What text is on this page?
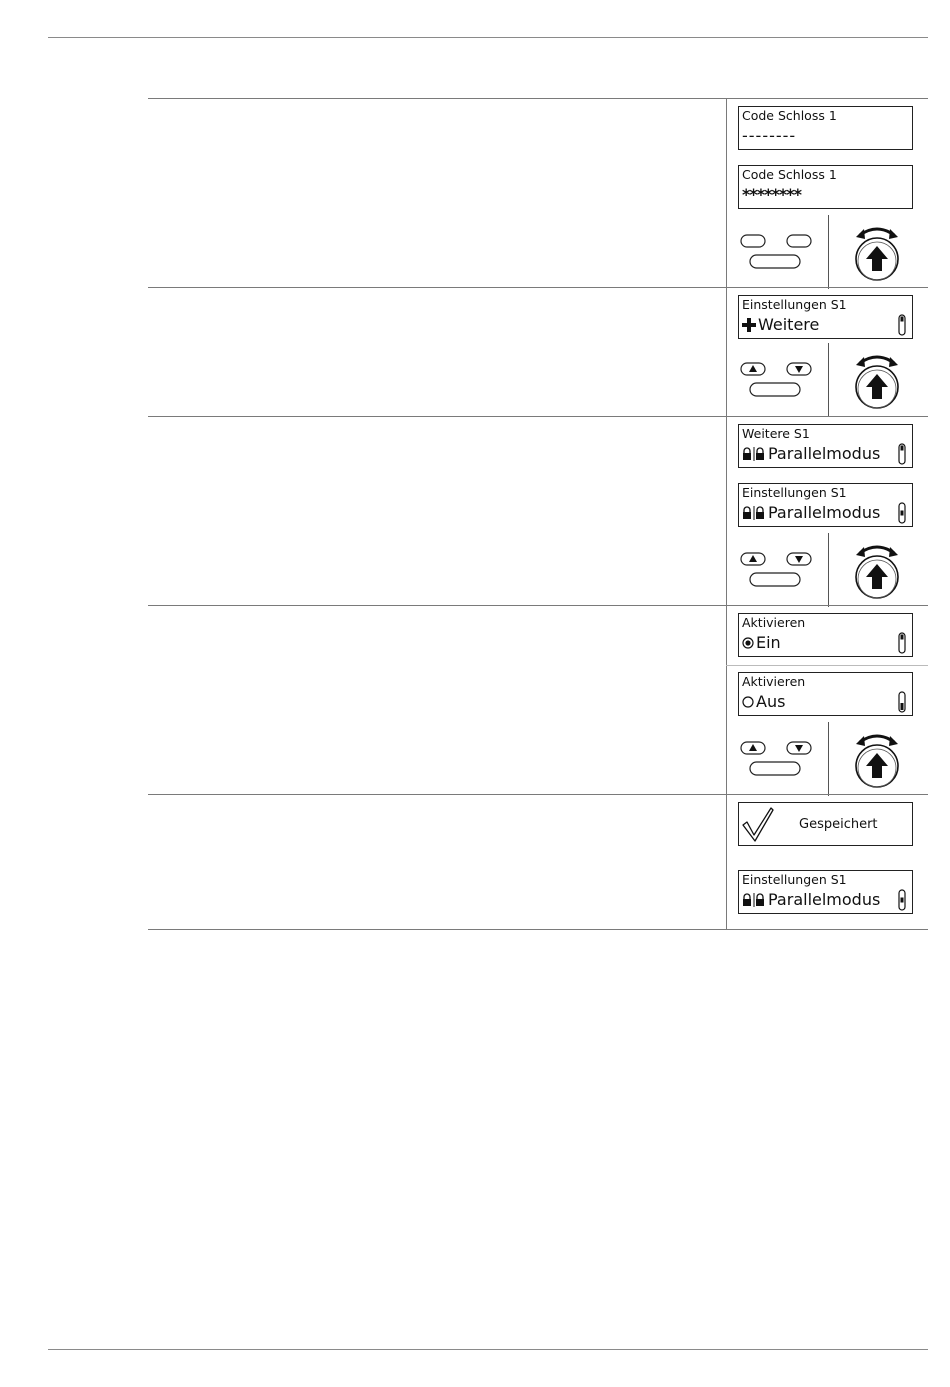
Code Schloss 1
--------
Code Schloss 1
********
Einstellungen S1
Weitere
Weitere S1
Parallelmodus
Einstellungen S1
Parallelmodus
Aktivieren
Ein
Aktivieren
Aus
Gespeichert
Einstellungen S1
Parallelmodus
